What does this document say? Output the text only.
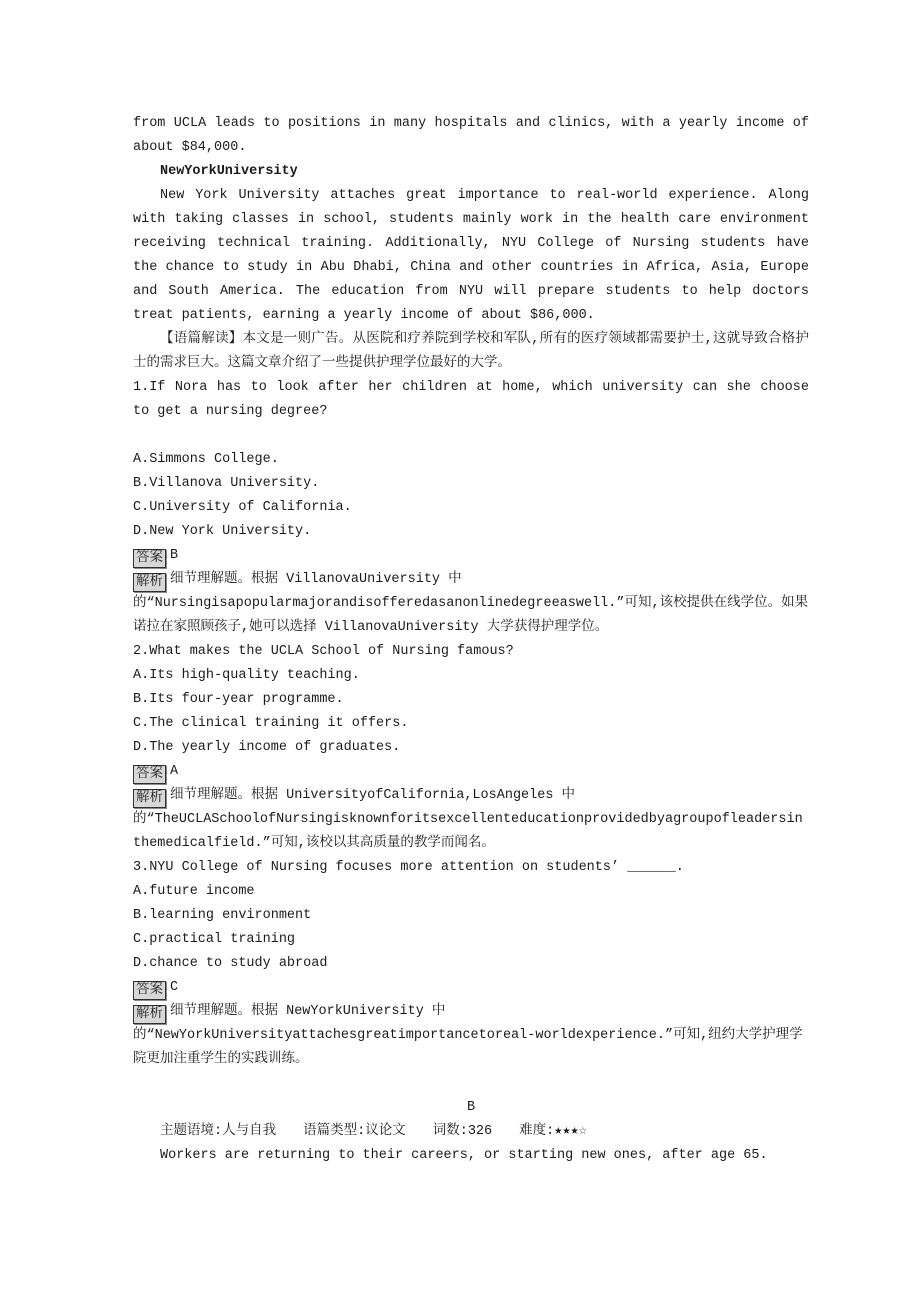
from UCLA leads to positions in many hospitals and clinics, with a yearly income of about $84,000.

NewYorkUniversity

New York University attaches great importance to real-world experience. Along with taking classes in school, students mainly work in the health care environment receiving technical training. Additionally, NYU College of Nursing students have the chance to study in Abu Dhabi, China and other countries in Africa, Asia, Europe and South America. The education from NYU will prepare students to help doctors treat patients, earning a yearly income of about $86,000.

【语篇解读】本文是一则广告。从医院和疗养院到学校和军队,所有的医疗领域都需要护士,这就导致合格护士的需求巨大。这篇文章介绍了一些提供护理学位最好的大学。

1.If Nora has to look after her children at home, which university can she choose to get a nursing degree?

A.Simmons College.

B.Villanova University.

C.University of California.

D.New York University.

答案 B

解析 细节理解题。根据 VillanovaUniversity 中的“Nursingisapopularmajorandisofferedasanonlinedegreeaswell.”可知,该校提供在线学位。如果诺拉在家照顾孩子,她可以选择 VillanovaUniversity 大学获得护理学位。

2.What makes the UCLA School of Nursing famous?

A.Its high-quality teaching.

B.Its four-year programme.

C.The clinical training it offers.

D.The yearly income of graduates.

答案 A

解析 细节理解题。根据 UniversityofCalifornia,LosAngeles 中的“TheUCLASchoolofNursingisknownforitsexcellenteducationprovidedbyagroupofleadersinthemedicalfield.”可知,该校以其高质量的教学而闻名。

3.NYU College of Nursing focuses more attention on students’ ______.

A.future income

B.learning environment

C.practical training

D.chance to study abroad

答案 C

解析 细节理解题。根据 NewYorkUniversity 中的“NewYorkUniversityattachesgreatimportancetoreal-worldexperience.”可知,纽约大学护理学院更加注重学生的实践训练。

B

主题语境:人与自我 语篇类型:议论文 词数:326 难度:★★★☆

Workers are returning to their careers, or starting new ones, after age 65.
